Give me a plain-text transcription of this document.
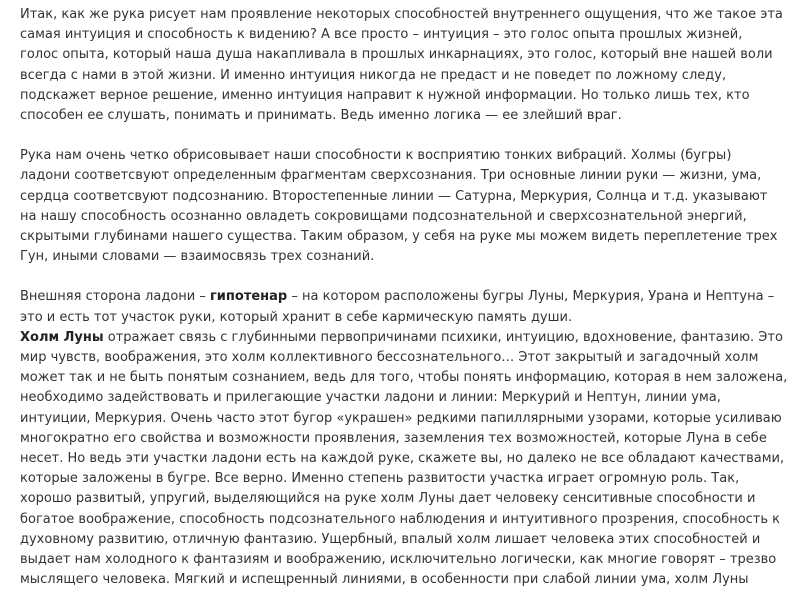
Итак, как же рука рисует нам проявление некоторых способностей внутреннего ощущения, что же такое эта
самая интуиция и способность к видению? А все просто – интуиция – это голос опыта прошлых жизней,
голос опыта, который наша душа накапливала в прошлых инкарнациях, это голос, который вне нашей воли
всегда с нами в этой жизни. И именно интуиция никогда не предаст и не поведет по ложному следу,
подскажет верное решение, именно интуиция направит к нужной информации. Но только лишь тех, кто
способен ее слушать, понимать и принимать. Ведь именно логика — ее злейший враг.

Рука нам очень четко обрисовывает наши способности к восприятию тонких вибраций. Холмы (бугры)
ладони соответсвуют определенным фрагментам сверхсознания. Три основные линии руки — жизни, ума,
сердца соответсвуют подсознанию. Второстепенные линии — Сатурна, Меркурия, Солнца и т.д. указывают
на нашу способность осознанно овладеть сокровищами подсознательной и сверхсознательной энергий,
скрытыми глубинами нашего существа. Таким образом, у себя на руке мы можем видеть переплетение трех
Гун, иными словами — взаимосвязь трех сознаний.

Внешняя сторона ладони – гипотенар – на котором расположены бугры Луны, Меркурия, Урана и Нептуна –
это и есть тот участок руки, который хранит в себе кармическую память души.

Холм Луны отражает связь с глубинными первопричинами психики, интуицию, вдохновение, фантазию. Это
мир чувств, воображения, это холм коллективного бессознательного… Этот закрытый и загадочный холм
может так и не быть понятым сознанием, ведь для того, чтобы понять информацию, которая в нем заложена,
необходимо задействовать и прилегающие участки ладони и линии: Меркурий и Нептун, линии ума,
интуиции, Меркурия. Очень часто этот бугор «украшен» редкими папиллярными узорами, которые усиливаю
многократно его свойства и возможности проявления, заземления тех возможностей, которые Луна в себе
несет. Но ведь эти участки ладони есть на каждой руке, скажете вы, но далеко не все обладают качествами,
которые заложены в бугре. Все верно. Именно степень развитости участка играет огромную роль. Так,
хорошо развитый, упругий, выделяющийся на руке холм Луны дает человеку сенситивные способности и
богатое воображение, способность подсознательного наблюдения и интуитивного прозрения, способность к
духовному развитию, отличную фантазию. Ущербный, впалый холм лишает человека этих способностей и
выдает нам холодного к фантазиям и воображению, исключительно логически, как многие говорят – трезво
мыслящего человека. Мягкий и испещренный линиями, в особенности при слабой линии ума, холм Луны
